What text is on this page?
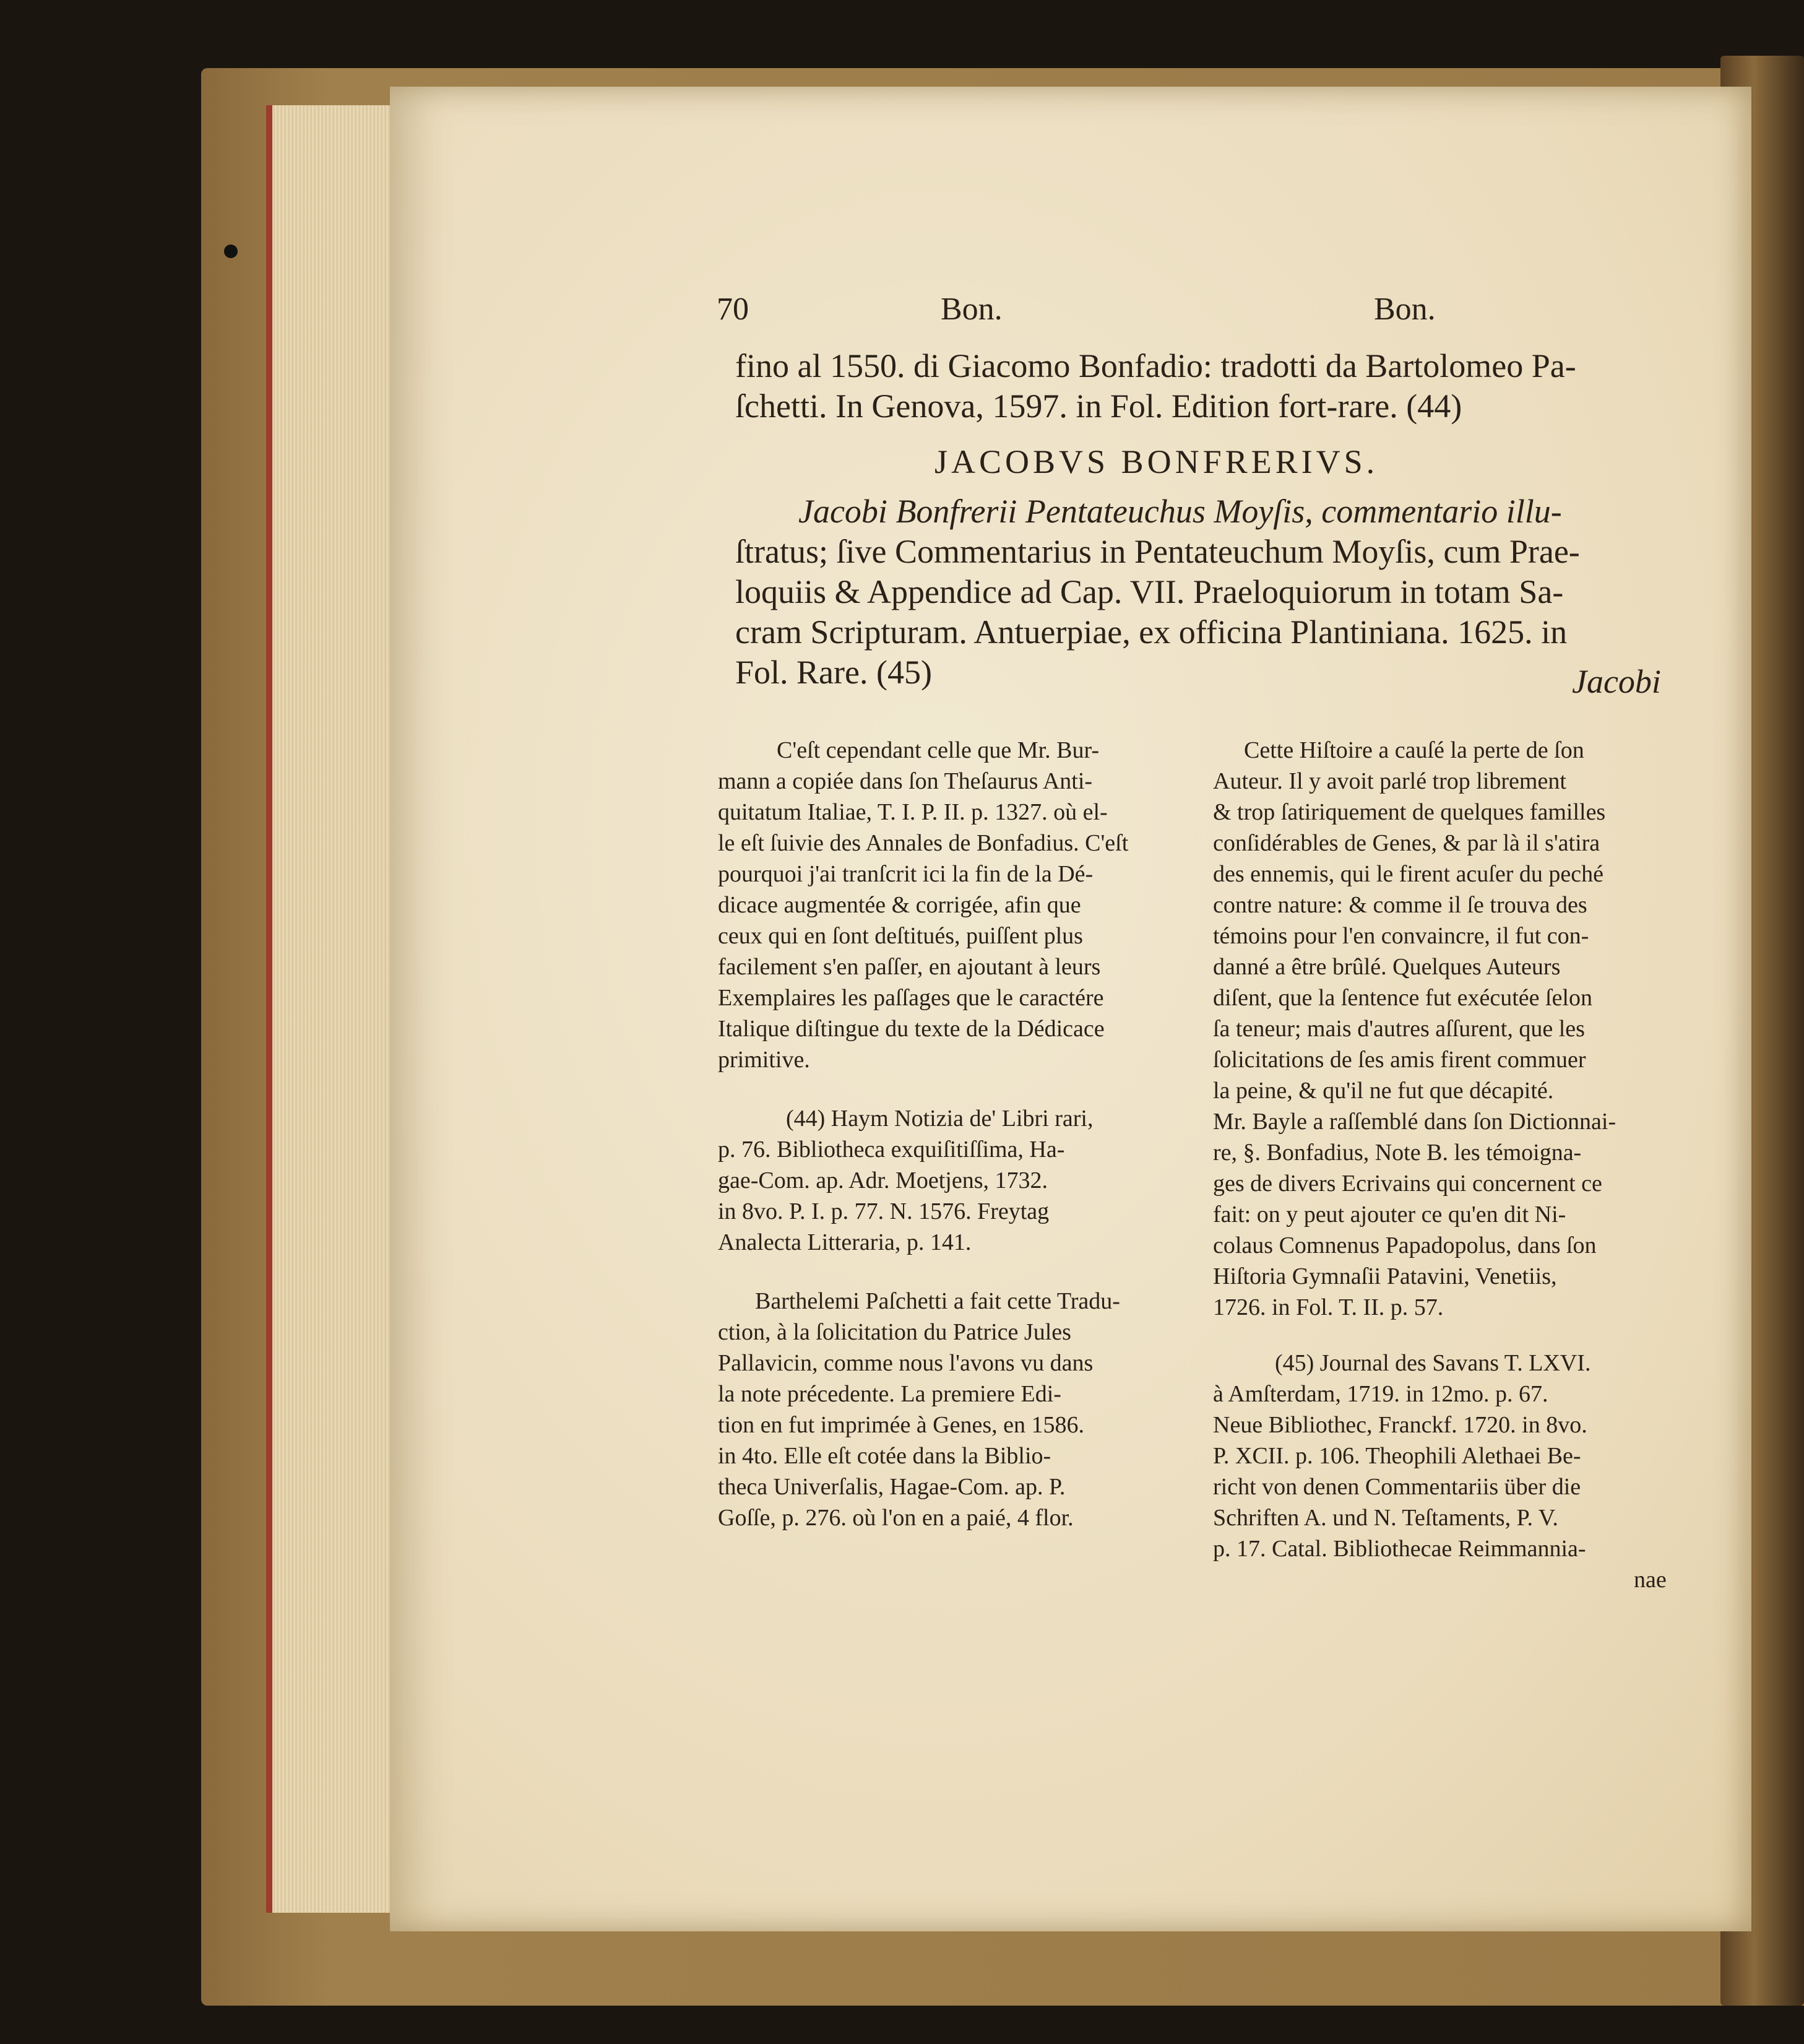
70	Bon.	Bon.
fino al 1550. di Giacomo Bonfadio: tradotti da Bartolomeo Pa-
ſchetti. In Genova, 1597. in Fol. Edition fort-rare. (44)
JACOBVS BONFRERIVS.
Jacobi Bonfrerii Pentateuchus Moyſis, commentario illu-
ſtratus; ſive Commentarius in Pentateuchum Moyſis, cum Prae-
loquiis & Appendice ad Cap. VII. Praeloquiorum in totam Sa-
cram Scripturam. Antuerpiae, ex officina Plantiniana. 1625. in
Fol. Rare. (45)	Jacobi
C'eſt cependant celle que Mr. Bur-
mann a copiée dans ſon Theſaurus Anti-
quitatum Italiae, T. I. P. II. p. 1327. où el-
le eſt ſuivie des Annales de Bonfadius. C'eſt
pourquoi j'ai tranſcrit ici la fin de la Dé-
dicace augmentée & corrigée, afin que
ceux qui en ſont deſtitués, puiſſent plus
facilement s'en paſſer, en ajoutant à leurs
Exemplaires les paſſages que le caractére
Italique diſtingue du texte de la Dédicace
primitive.
(44) Haym Notizia de' Libri rari,
p. 76. Bibliotheca exquiſitiſſima, Ha-
gae-Com. ap. Adr. Moetjens, 1732.
in 8vo. P. I. p. 77. N. 1576. Freytag
Analecta Litteraria, p. 141.
Barthelemi Paſchetti a fait cette Tradu-
ction, à la ſolicitation du Patrice Jules
Pallavicin, comme nous l'avons vu dans
la note précedente. La premiere Edi-
tion en fut imprimée à Genes, en 1586.
in 4to. Elle eſt cotée dans la Biblio-
theca Univerſalis, Hagae-Com. ap. P.
Goſſe, p. 276. où l'on en a paié, 4 flor.
Cette Hiſtoire a cauſé la perte de ſon
Auteur. Il y avoit parlé trop librement
& trop ſatiriquement de quelques familles
conſidérables de Genes, & par là il s'atira
des ennemis, qui le firent acuſer du peché
contre nature: & comme il ſe trouva des
témoins pour l'en convaincre, il fut con-
danné a être brûlé. Quelques Auteurs
diſent, que la ſentence fut exécutée ſelon
ſa teneur; mais d'autres aſſurent, que les
ſolicitations de ſes amis firent commuer
la peine, & qu'il ne fut que décapité.
Mr. Bayle a raſſemblé dans ſon Dictionnai-
re, §. Bonfadius, Note B. les témoigna-
ges de divers Ecrivains qui concernent ce
fait: on y peut ajouter ce qu'en dit Ni-
colaus Comnenus Papadopolus, dans ſon
Hiſtoria Gymnaſii Patavini, Venetiis,
1726. in Fol. T. II. p. 57.
(45) Journal des Savans T. LXVI.
à Amſterdam, 1719. in 12mo. p. 67.
Neue Bibliothec, Franckf. 1720. in 8vo.
P. XCII. p. 106. Theophili Alethaei Be-
richt von denen Commentariis über die
Schriften A. und N. Teſtaments, P. V.
p. 17. Catal. Bibliothecae Reimmannia-
nae
